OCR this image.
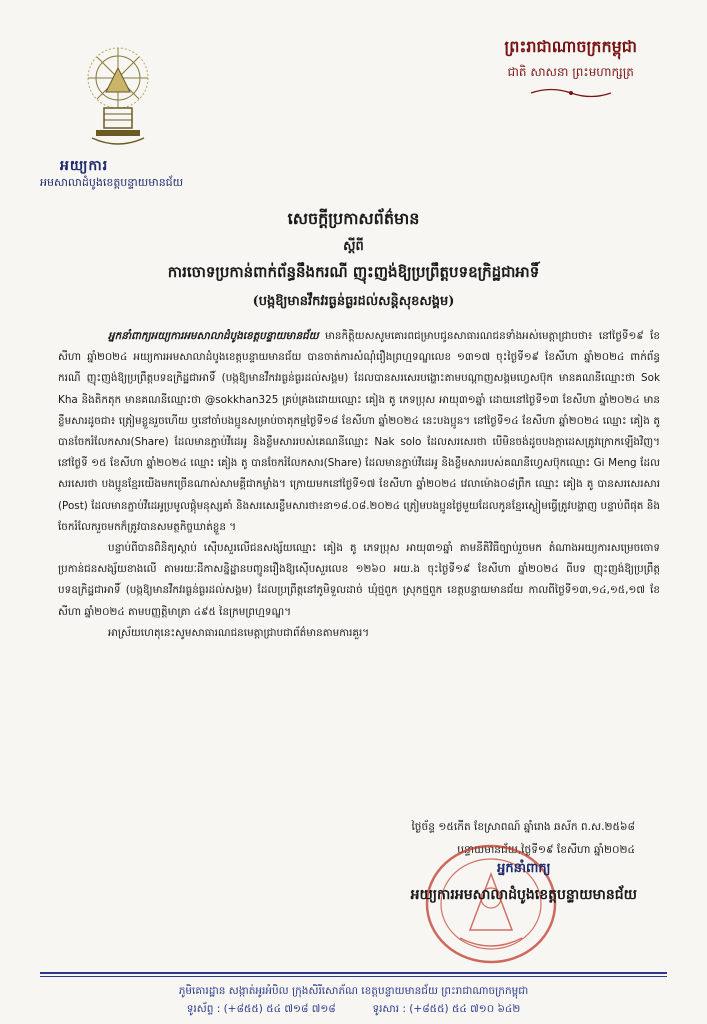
អយ្យការ
អមសាលាដំបូងខេត្តបន្ទាយមានជ័យ
ព្រះរាជាណាចក្រកម្ពុជា
ជាតិ សាសនា ព្រះមហាក្សត្រ
សេចក្តីប្រកាសព័ត៌មាន
ស្តីពី
ការចោទប្រកាន់ពាក់ព័ន្ធនឹងករណី ញុះញង់ឱ្យប្រព្រឹត្តបទឧក្រិដ្ឋជាអាទិ៍
(បង្កឱ្យមានវឹកវរធ្ងន់ធ្ងរដល់សន្តិសុខសង្គម)

អ្នកនាំពាក្យអយ្យការអមសាលាដំបូងខេត្តបន្ទាយមានជ័យ មានកិត្តិយសសូមគោរពជម្រាបជូនសាធារណជនទាំងអស់មេត្តាជ្រាបថា៖ នៅថ្ងៃទី១៩ ខែសីហា ឆ្នាំ២០២៤ អយ្យការអមសាលាដំបូងខេត្តបន្ទាយមានជ័យ បានចាត់ការសំណុំរឿងព្រហ្មទណ្ឌលេខ ១៣១៧ ចុះថ្ងៃទី១៩ ខែសីហា ឆ្នាំ២០២៤ ពាក់ព័ន្ធករណី ញុះញង់ឱ្យប្រព្រឹត្តបទឧក្រិដ្ឋជាអាទិ៍ (បង្កឱ្យមានវឹកវរធ្ងន់ធ្ងរដល់សង្គម) ដែលបានសរសេរបង្ហោះតាមបណ្តាញសង្គមហ្វេសប៊ុក មានគណនីឈ្មោះថា Sok Kha និងតិកតុក មានគណនីឈ្មោះថា @sokkhan325 គ្រប់គ្រងដោយឈ្មោះ គៀង តូ ភេទប្រុស អាយុ៣១ឆ្នាំ ដោយនៅថ្ងៃទី១៣ ខែសីហា ឆ្នាំ២០២៤ មានខ្លឹមសារដូចជា៖ ត្រៀមខ្លួនរួចហើយ ឬនៅចាំបងប្អូនសម្រាប់ចាតុកម្មថ្ងៃទី១៨ ខែសីហា ឆ្នាំ២០២៤ នេះបងប្អូន។ នៅថ្ងៃទី១៤ ខែសីហា ឆ្នាំ២០២៤ ឈ្មោះ គៀង តូ បានចែករំលែកសារ(Share) ដែលមានភ្ជាប់វីដេអូ និងខ្លឹមសាររបស់គេណនីឈ្មោះ Nak solo ដែលសរសេរថា បើមិនចង់ដូចបងក្តាដេសត្រូវក្រោកឡើងវិញ។ នៅថ្ងៃទី ១៥ ខែសីហា ឆ្នាំ២០២៤ ឈ្មោះ គៀង តូ បានចែករំលែកសារ(Share) ដែលមានភ្ជាប់វីដេអូ និងខ្លឹមសាររបស់គណនីហ្វេសប៊ុកឈ្មោះ Gi Meng ដែលសរសេរថា បងប្អូនខ្មែរយើងមកច្រើនណាស់សាមគ្គីជាកម្លាំង។ ក្រោយមកនៅថ្ងៃទី១៧ ខែសីហា ឆ្នាំ២០២៤ វេលាម៉ោង០៨ព្រឹក ឈ្មោះ គៀង តូ បានសរសេរសារ (Post) ដែលមានភ្ជាប់វីដេអូប្រមូលផ្តុំមនុស្សគាំ និងសរសេរខ្លឹមសារថា៖នា១៨.០៨.២០២៤ ត្រៀមបងប្អូនថ្ងៃមួយដែលកូនខ្មែរស្ងៀមធ្វើត្រូវបង្ហាញ បន្ទាប់ពីផុត និងចែករំលែករួចមកក៏ត្រូវបានសមត្ថកិច្ចឃាត់ខ្លួន ។

បន្ទាប់ពីបានពិនិត្យស្តាប់ ស៊ើបសួរលើជនសង្ស័យឈ្មោះ គៀង តូ ភេទប្រុស អាយុ៣១ឆ្នាំ តាមនីតិវិធីច្បាប់រួចមក តំណាងអយ្យការសម្រេចចោទប្រកាន់ជនសង្ស័យខាងលើ តាមរយៈដីកាសន្និដ្ឋានបញ្ជូនរឿងឱ្យស៊ើបសួរលេខ ១២៦០ អយ.ង ចុះថ្ងៃទី១៩ ខែសីហា ឆ្នាំ២០២៤ ពីបទ ញុះញង់ឱ្យប្រព្រឹត្តបទឧក្រិដ្ឋជាអាទិ៍ (បង្កឱ្យមានវឹកវរធ្ងន់ធ្ងរដល់សង្គម) ដែលប្រព្រឹត្តនៅភូមិទួលដាច់ ឃុំថ្មពួក ស្រុកថ្មពួក ខេត្តបន្ទាយមានជ័យ កាលពីថ្ងៃទី១៣,១៤,១៥,១៧ ខែសីហា ឆ្នាំ២០២៤ តាមបញ្ញត្តិមាត្រា ៤៩៥ នៃក្រមព្រហ្មទណ្ឌ។

អាស្រ័យហេតុនេះសូមសាធារណជនមេត្តាជ្រាបជាព័ត៌មានតាមការគួរ។

ថ្ងៃច័ន្ទ ១៥កើត ខែស្រាពណ៍ ឆ្នាំរោង ឆស័ក ព.ស.២៥៦៨
បន្ទាយមានជ័យ,ថ្ងៃទី១៩ ខែសីហា ឆ្នាំ២០២៤
អ្នកនាំពាក្យ
អយ្យការអមសាលាដំបូងខេត្តបន្ទាយមានជ័យ
ភូមិគោរដ្ឋាន សង្កាត់អូរអំបិល ក្រុងសិរីសោភ័ណ ខេត្តបន្ទាយមានជ័យ ព្រះរាជាណាចក្រកម្ពុជា
ទូរស័ព្ទ : (+៨៥៥) ៥៤ ៧១៨ ៧១៨	ទូរសារ : (+៨៥៥) ៥៤ ៧១០ ៦៤២
